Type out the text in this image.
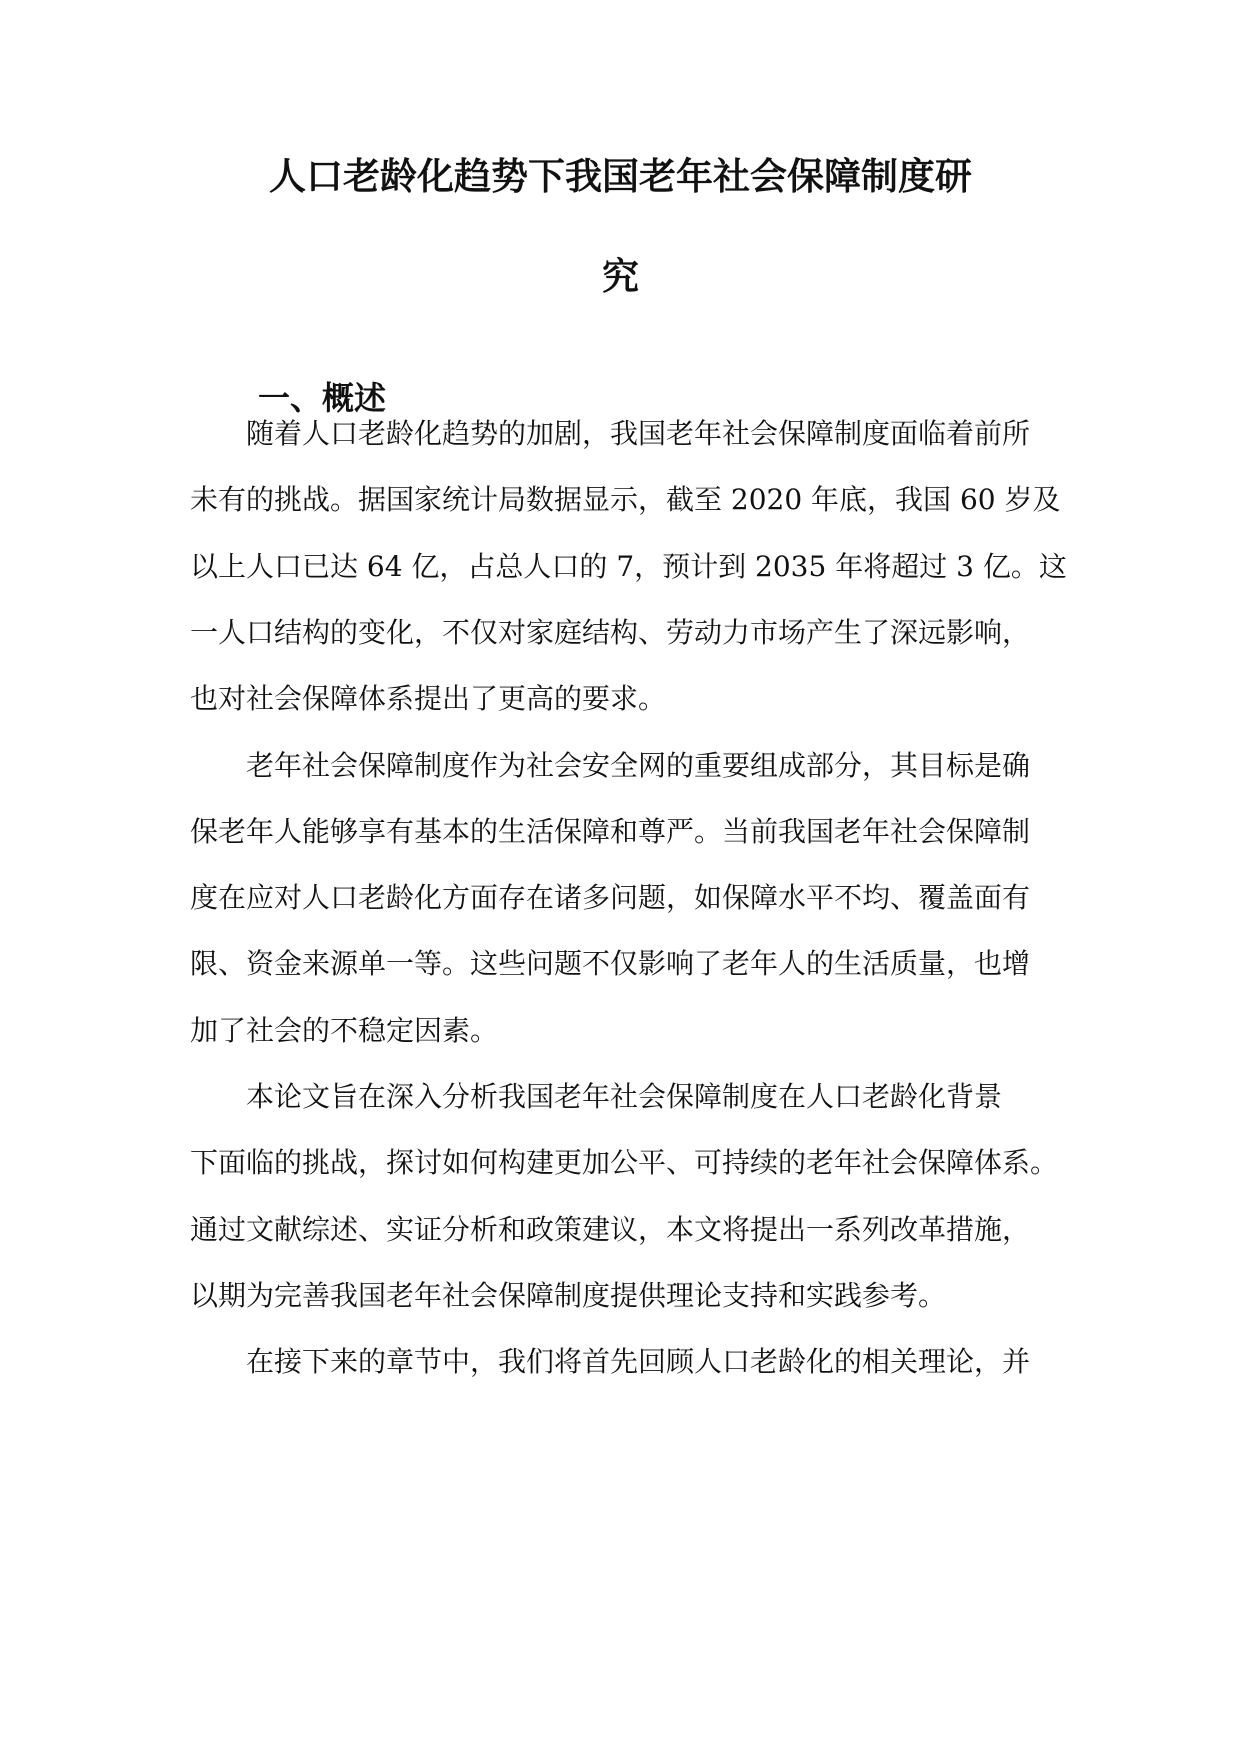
人口老龄化趋势下我国老年社会保障制度研
究
一、概述
随着人口老龄化趋势的加剧，我国老年社会保障制度面临着前所
未有的挑战。据国家统计局数据显示，截至 2020 年底，我国 60 岁及
以上人口已达 64 亿，占总人口的 7，预计到 2035 年将超过 3 亿。这
一人口结构的变化，不仅对家庭结构、劳动力市场产生了深远影响，
也对社会保障体系提出了更高的要求。
老年社会保障制度作为社会安全网的重要组成部分，其目标是确
保老年人能够享有基本的生活保障和尊严。当前我国老年社会保障制
度在应对人口老龄化方面存在诸多问题，如保障水平不均、覆盖面有
限、资金来源单一等。这些问题不仅影响了老年人的生活质量，也增
加了社会的不稳定因素。
本论文旨在深入分析我国老年社会保障制度在人口老龄化背景
下面临的挑战，探讨如何构建更加公平、可持续的老年社会保障体系。
通过文献综述、实证分析和政策建议，本文将提出一系列改革措施，
以期为完善我国老年社会保障制度提供理论支持和实践参考。
在接下来的章节中，我们将首先回顾人口老龄化的相关理论，并
